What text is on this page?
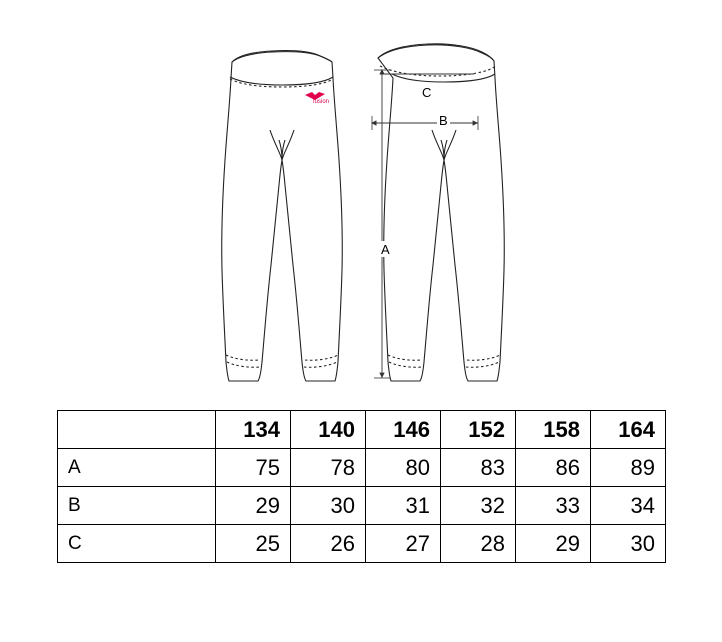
fusion
A
B
C
	134	140	146	152	158	164
A	75	78	80	83	86	89
B	29	30	31	32	33	34
C	25	26	27	28	29	30
